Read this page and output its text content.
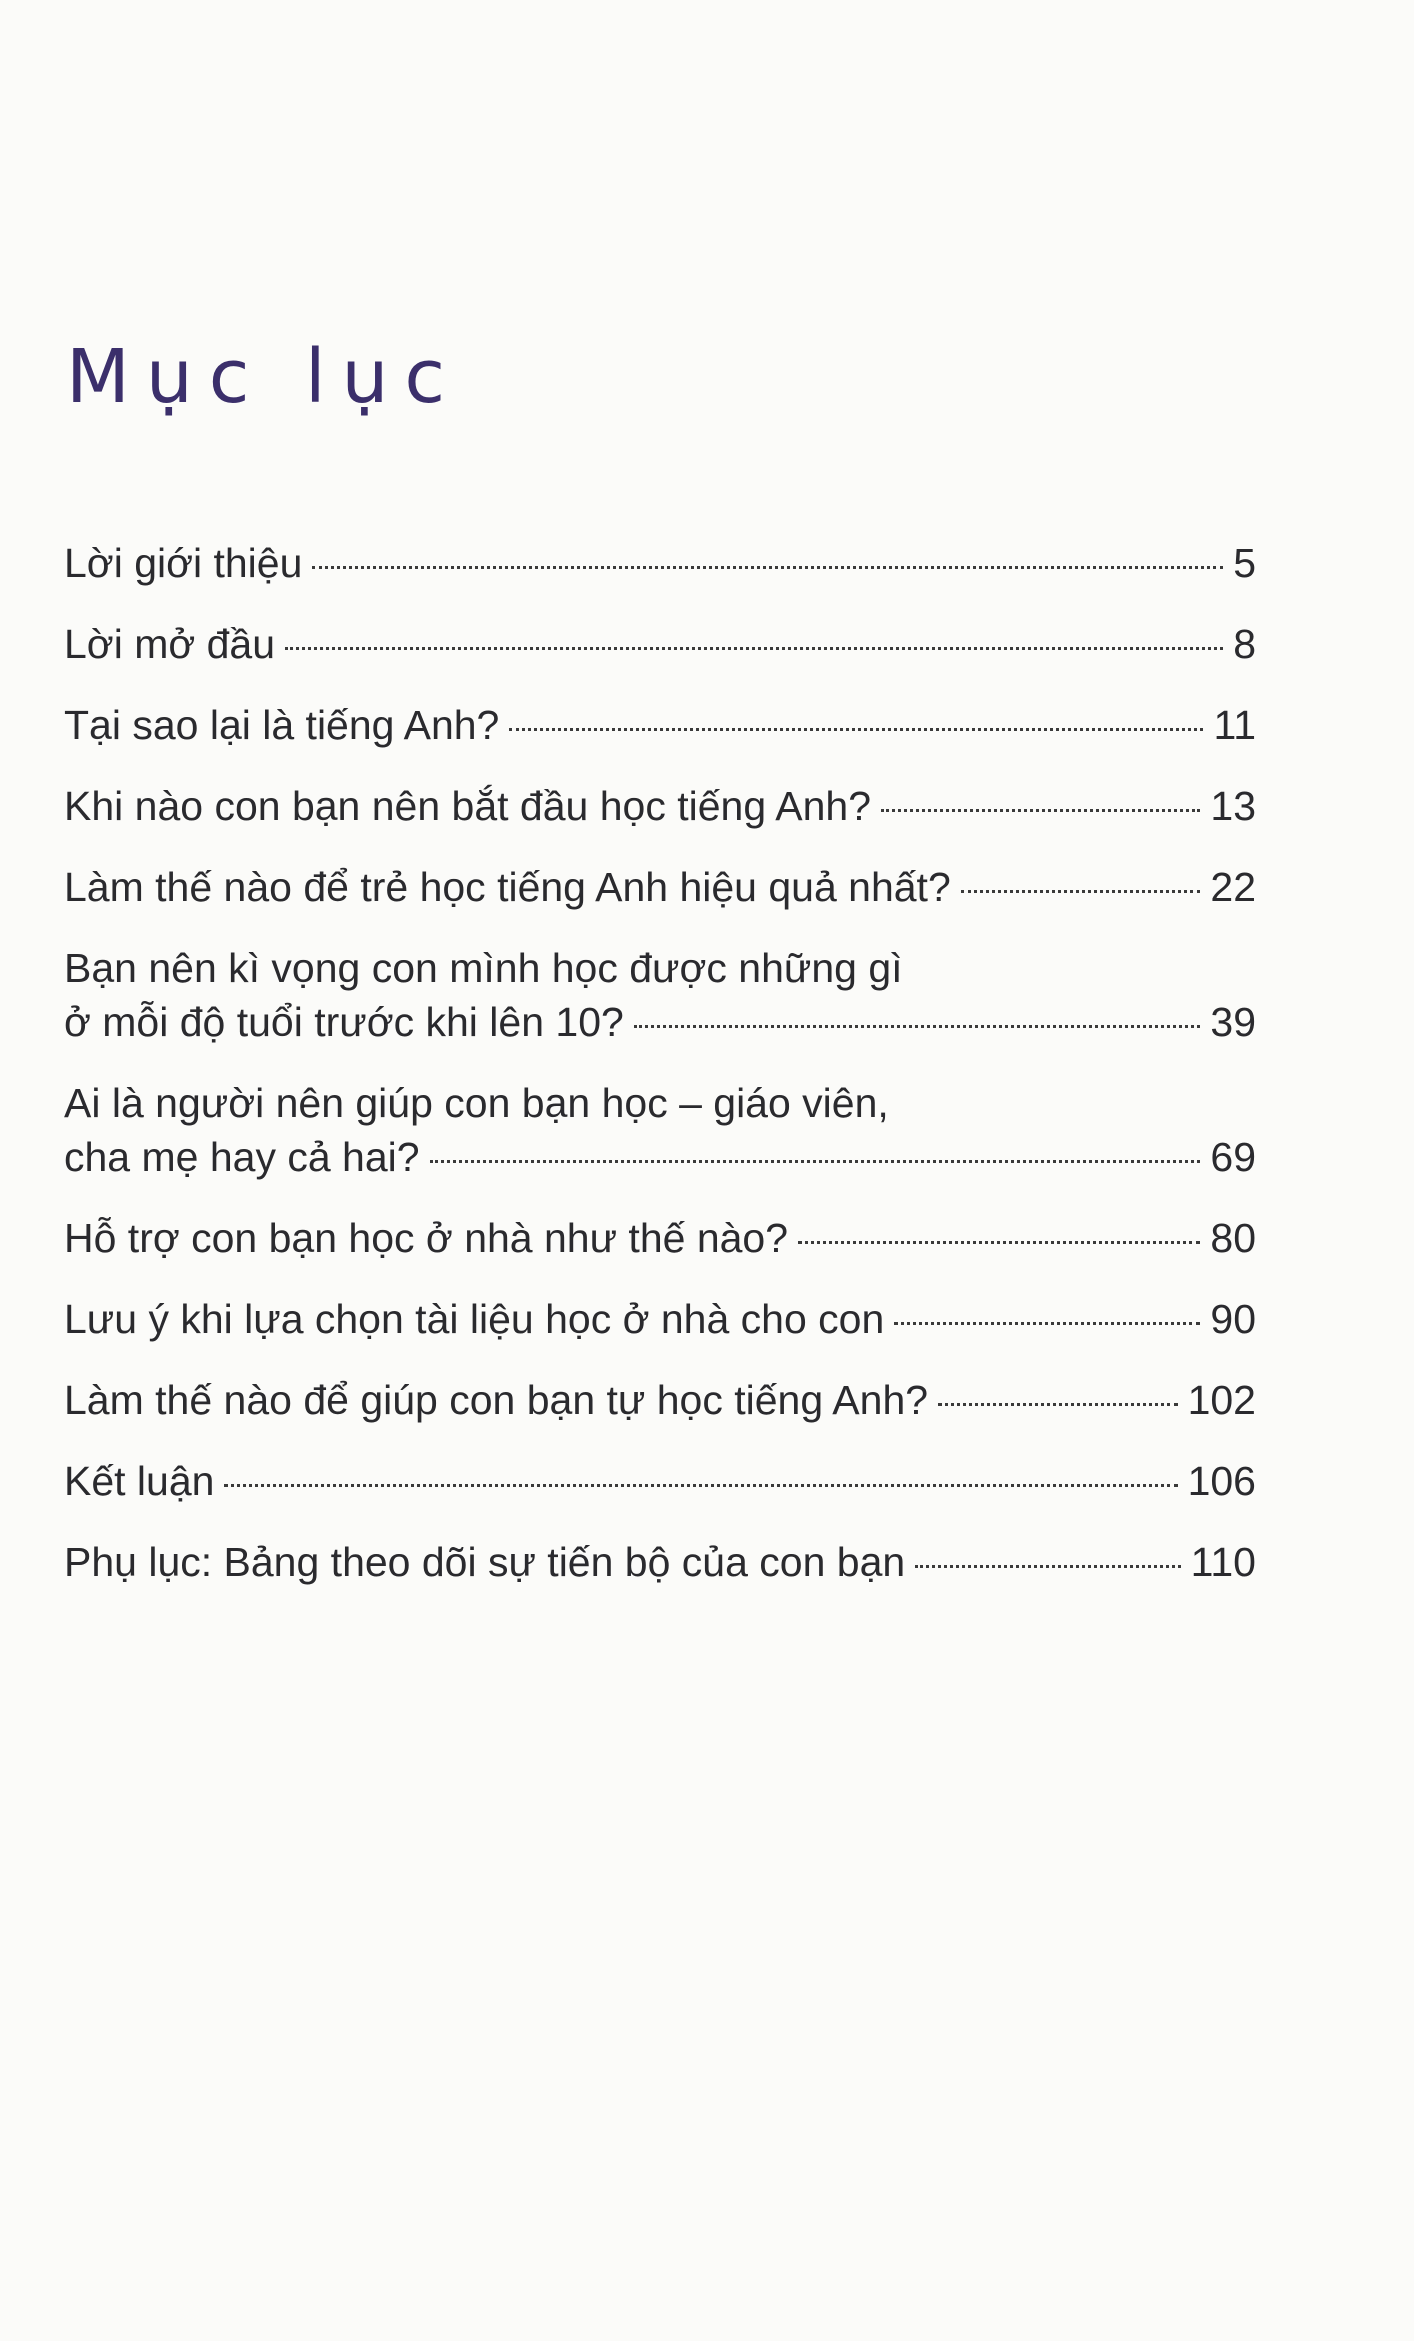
Mục lục
Lời giới thiệu	5
Lời mở đầu	8
Tại sao lại là tiếng Anh?	11
Khi nào con bạn nên bắt đầu học tiếng Anh?	13
Làm thế nào để trẻ học tiếng Anh hiệu quả nhất?	22
Bạn nên kì vọng con mình học được những gì
ở mỗi độ tuổi trước khi lên 10?	39
Ai là người nên giúp con bạn học – giáo viên,
cha mẹ hay cả hai?	69
Hỗ trợ con bạn học ở nhà như thế nào?	80
Lưu ý khi lựa chọn tài liệu học ở nhà cho con	90
Làm thế nào để giúp con bạn tự học tiếng Anh?	102
Kết luận	106
Phụ lục: Bảng theo dõi sự tiến bộ của con bạn	110
